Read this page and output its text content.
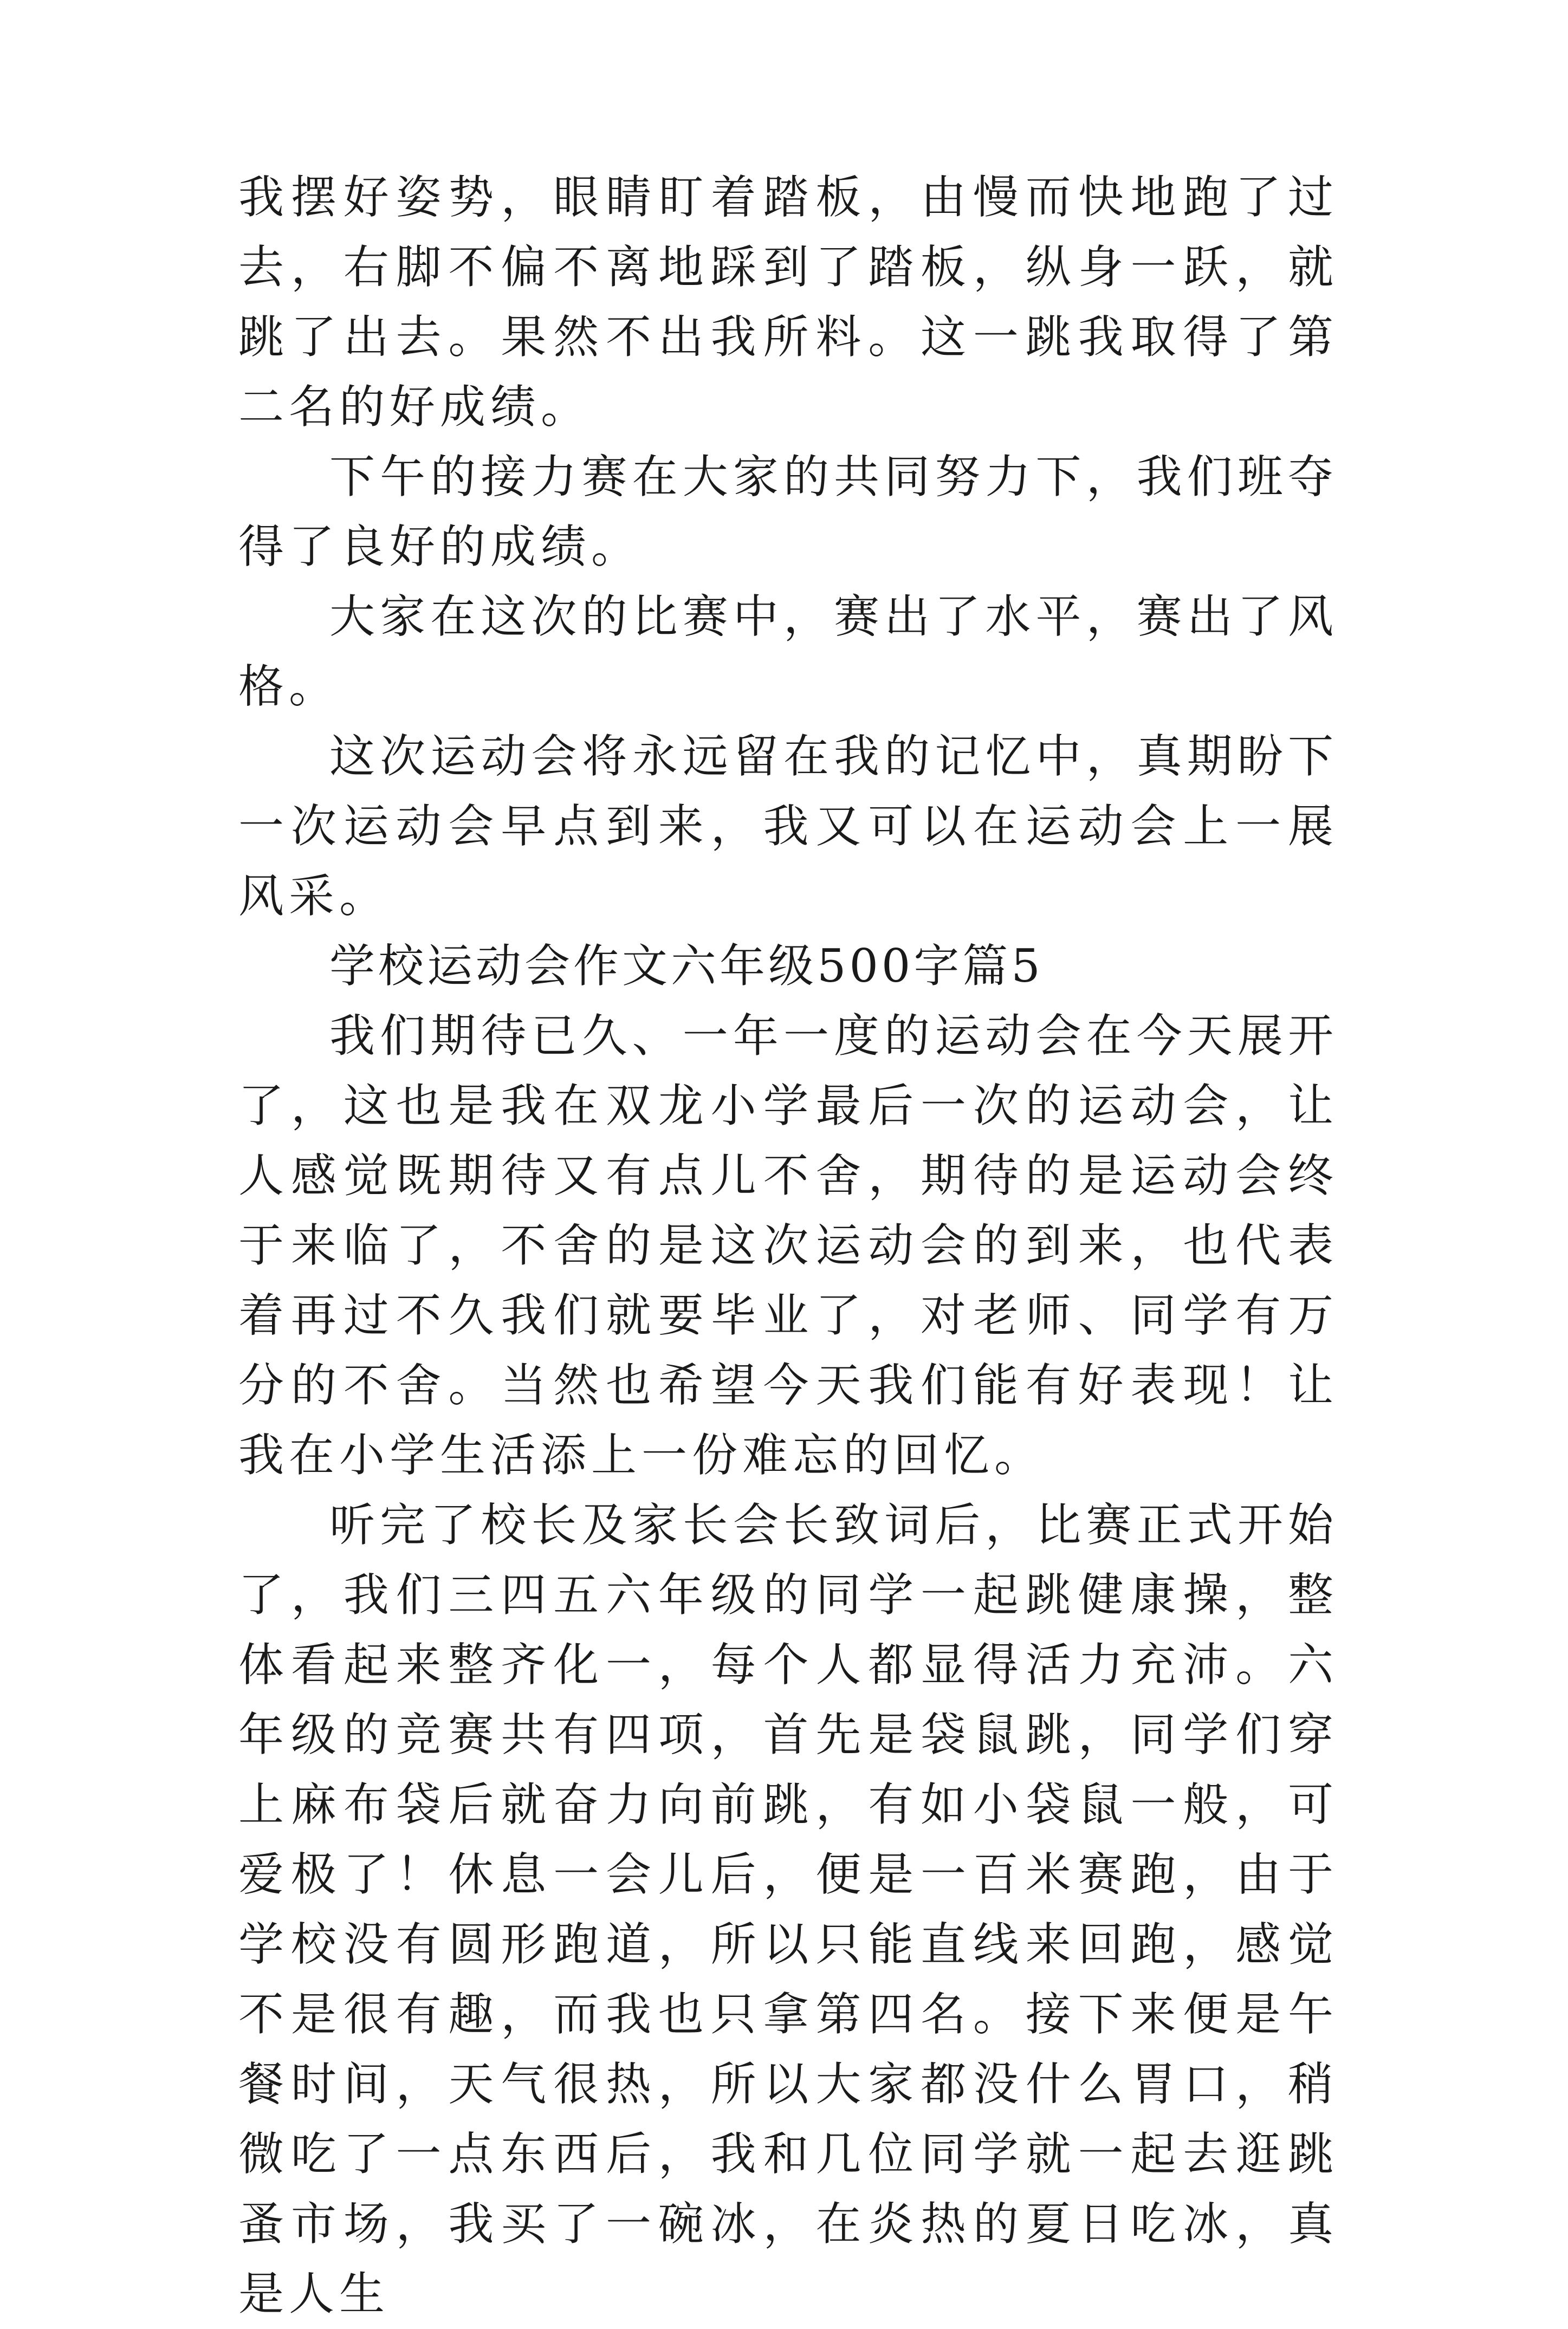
我摆好姿势，眼睛盯着踏板，由慢而快地跑了过去，右脚不偏不离地踩到了踏板，纵身一跃，就跳了出去。果然不出我所料。这一跳我取得了第二名的好成绩。

下午的接力赛在大家的共同努力下，我们班夺得了良好的成绩。

大家在这次的比赛中，赛出了水平，赛出了风格。

这次运动会将永远留在我的记忆中，真期盼下一次运动会早点到来，我又可以在运动会上一展风采。

学校运动会作文六年级500字篇5

我们期待已久、一年一度的运动会在今天展开了，这也是我在双龙小学最后一次的运动会，让人感觉既期待又有点儿不舍，期待的是运动会终于来临了，不舍的是这次运动会的到来，也代表着再过不久我们就要毕业了，对老师、同学有万分的不舍。当然也希望今天我们能有好表现！让我在小学生活添上一份难忘的回忆。

听完了校长及家长会长致词后，比赛正式开始了，我们三四五六年级的同学一起跳健康操，整体看起来整齐化一，每个人都显得活力充沛。六年级的竞赛共有四项，首先是袋鼠跳，同学们穿上麻布袋后就奋力向前跳，有如小袋鼠一般，可爱极了！休息一会儿后，便是一百米赛跑，由于学校没有圆形跑道，所以只能直线来回跑，感觉不是很有趣，而我也只拿第四名。接下来便是午餐时间，天气很热，所以大家都没什么胃口，稍微吃了一点东西后，我和几位同学就一起去逛跳蚤市场，我买了一碗冰，在炎热的夏日吃冰，真是人生
